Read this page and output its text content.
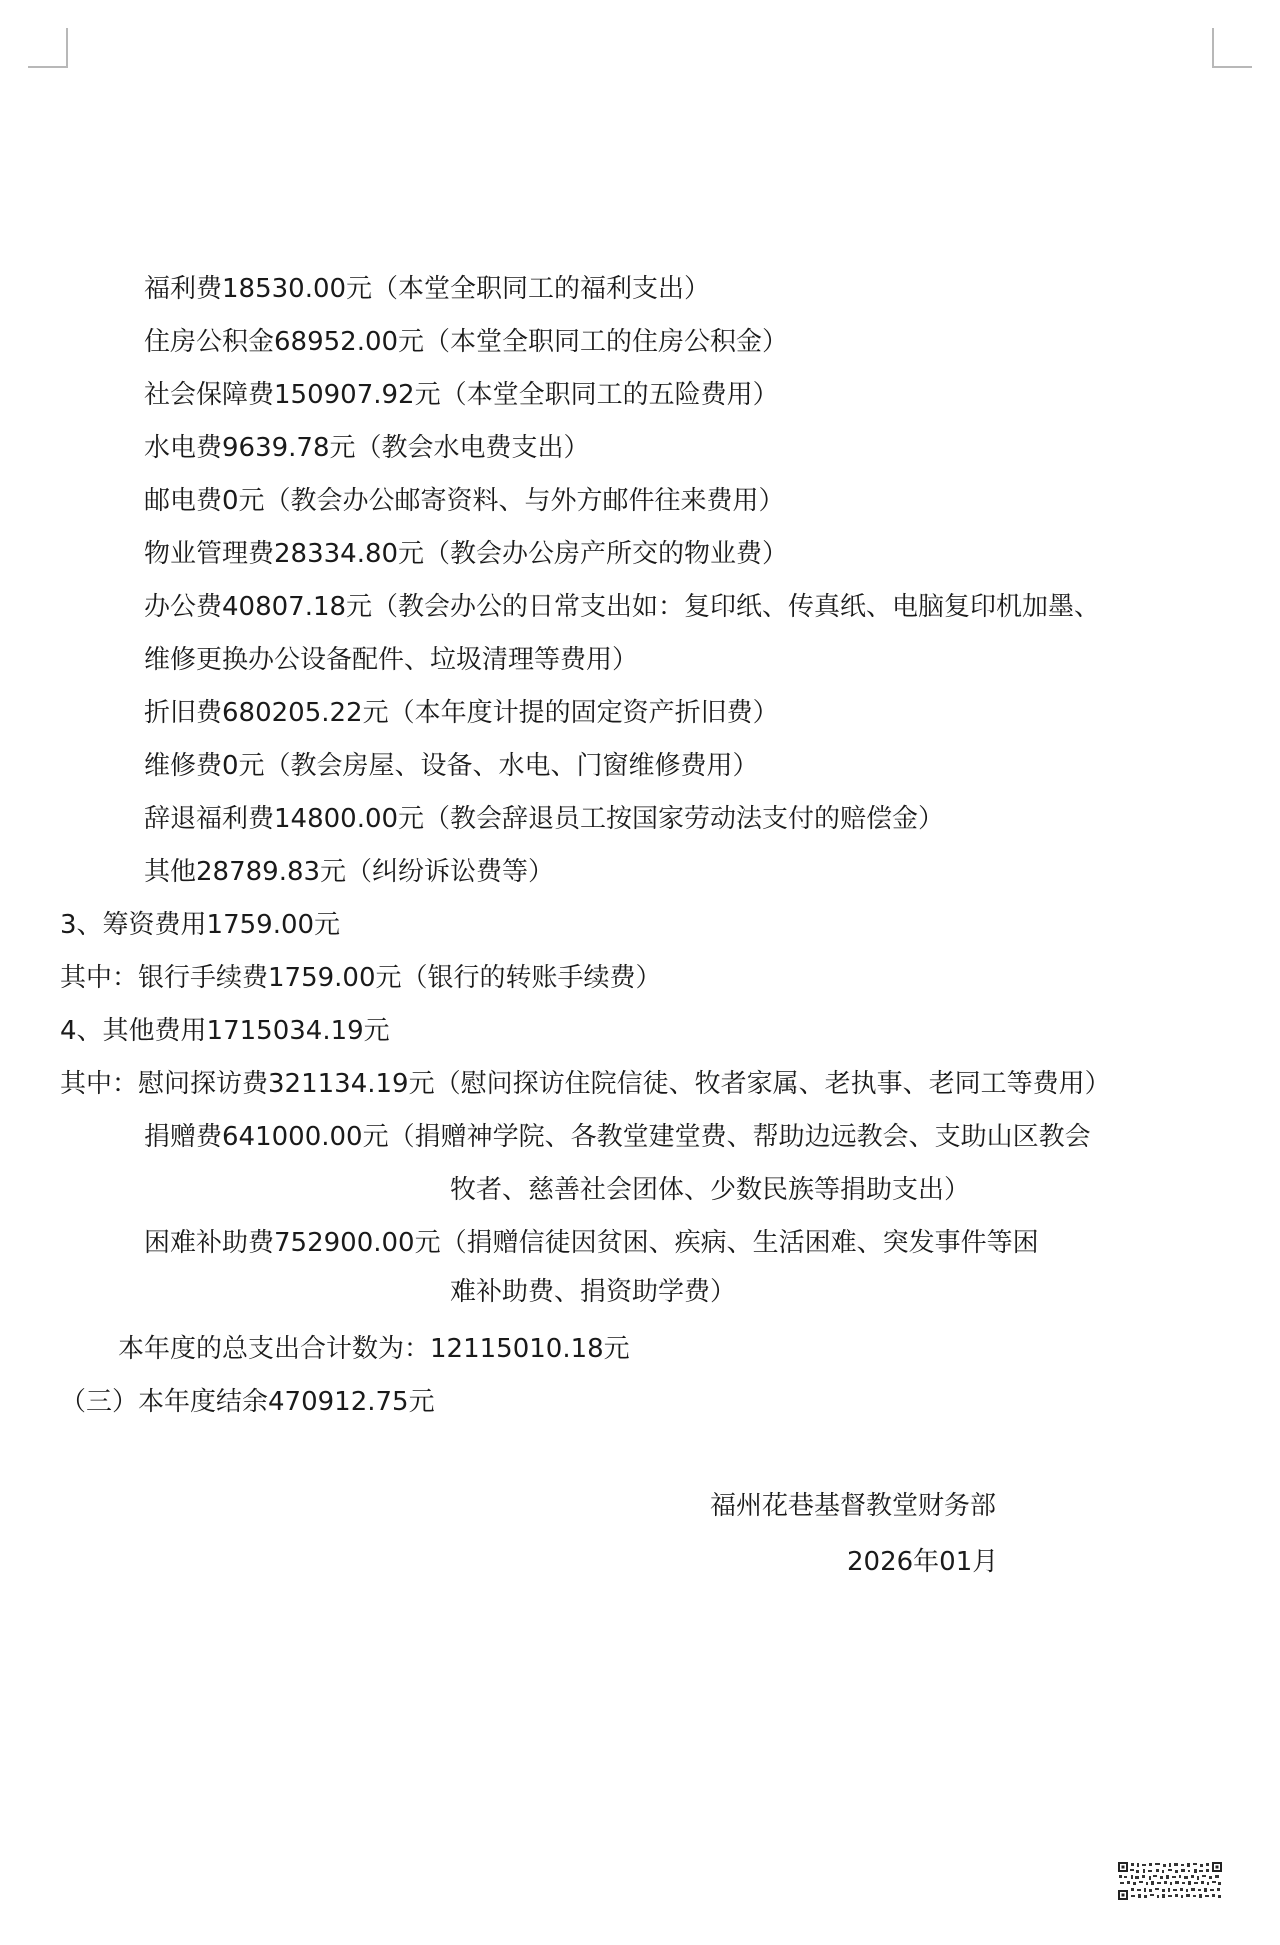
福利费18530.00元（本堂全职同工的福利支出）
住房公积金68952.00元（本堂全职同工的住房公积金）
社会保障费150907.92元（本堂全职同工的五险费用）
水电费9639.78元（教会水电费支出）
邮电费0元（教会办公邮寄资料、与外方邮件往来费用）
物业管理费28334.80元（教会办公房产所交的物业费）
办公费40807.18元（教会办公的日常支出如：复印纸、传真纸、电脑复印机加墨、
维修更换办公设备配件、垃圾清理等费用）
折旧费680205.22元（本年度计提的固定资产折旧费）
维修费0元（教会房屋、设备、水电、门窗维修费用）
辞退福利费14800.00元（教会辞退员工按国家劳动法支付的赔偿金）
其他28789.83元（纠纷诉讼费等）
3、筹资费用1759.00元
其中：银行手续费1759.00元（银行的转账手续费）
4、其他费用1715034.19元
其中：慰问探访费321134.19元（慰问探访住院信徒、牧者家属、老执事、老同工等费用）
捐赠费641000.00元（捐赠神学院、各教堂建堂费、帮助边远教会、支助山区教会
牧者、慈善社会团体、少数民族等捐助支出）
困难补助费752900.00元（捐赠信徒因贫困、疾病、生活困难、突发事件等困
难补助费、捐资助学费）
本年度的总支出合计数为：12115010.18元
（三）本年度结余470912.75元
福州花巷基督教堂财务部
2026年01月
